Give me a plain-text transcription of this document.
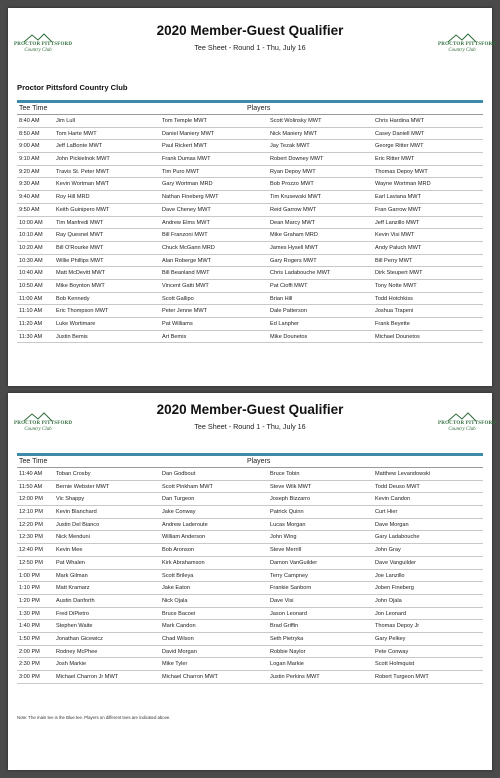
PROCTOR PITTSFORD
Country Club
PROCTOR PITTSFORD
Country Club
2020 Member-Guest Qualifier
Tee Sheet - Round 1 - Thu, July 16
Proctor Pittsford Country Club
Tee Time	Players
8:40 AM	Jim Lull	Tom Temple MWT	Scott Wolinsky MWT	Chris Hardina MWT
8:50 AM	Tom Harte MWT	Daniel Maniery MWT	Nick Maniery MWT	Casey Daniell MWT
9:00 AM	Jeff LaBonte MWT	Paul Rickert MWT	Jay Tezak MWT	George Ritter MWT
9:10 AM	John Pickielnok MWT	Frank Dumas MWT	Robert Downey MWT	Eric Ritter MWT
9:20 AM	Travis St. Peter MWT	Tim Puro MWT	Ryan Depoy MWT	Thomas Depoy MWT
9:30 AM	Kevin Wortman MWT	Gary Wortman MRD	Bob Prozzo MWT	Wayne Wortman MRD
9:40 AM	Roy Hill MRD	Nathan Fineberg MWT	Tim Krusewski MWT	Earl Laviana MWT
9:50 AM	Keith Guinipero MWT	Dave Cheney MWT	Reid Garrow MWT	Fran Garrow MWT
10:00 AM Tim Manfredi MWT	Andrew Elms MWT	Dean Marcy MWT	Jeff Lanzillo MWT
10:10 AM Ray Quesnel MWT	Bill Franzoni MWT	Mike Graham MRD	Kevin Visi MWT
10:20 AM Bill O'Rourke MWT	Chuck McGann MRD	James Hysell MWT	Andy Paluch MWT
10:30 AM Willie Phillips MWT	Alan Roberge MWT	Gary Rogers MWT	Bill Perry MWT
10:40 AM Matt McDevitt MWT	Bill Beanland MWT	Chris Ladabouche MWT	Dirk Steupert MWT
10:50 AM Mike Boynton MWT	Vincent Gatti MWT	Pat Cioffi MWT	Tony Notte MWT
11:00 AM Bob Kennedy	Scott Gallipo	Brian Hill	Todd Hotchkiss
11:10 AM Eric Thompson MWT	Peter Jenne MWT	Dale Patterson	Joshua Trapeni
11:20 AM Luke Wortimare	Pat Williams	Ed Lanpher	Frank Beyette
11:30 AM Justin Bemis	Art Bemis	Mike Dounetos	Michael Dounetos
PROCTOR PITTSFORD
Country Club
PROCTOR PITTSFORD
Country Club
2020 Member-Guest Qualifier
Tee Sheet - Round 1 - Thu, July 16
Tee Time	Players
11:40 AM Toban Crosby	Dan Godbout	Bruce Tobin	Matthew Levandowski
11:50 AM Bernie Webster MWT	Scott Pinkham MWT	Steve Wilk MWT	Todd Deuso MWT
12:00 PM Vic Shappy	Dan Turgeon	Joseph Bizzarro	Kevin Candon
12:10 PM Kevin Blanchard	Jake Conway	Patrick Quinn	Curt Hier
12:20 PM Justin Del Bianco	Andrew Laderoute	Lucas Morgan	Dave Morgan
12:30 PM Nick Menduni	William Anderson	John Wing	Gary Ladabouche
12:40 PM Kevin Mee	Bob Aronson	Steve Merrill	John Gray
12:50 PM Pat Whalen	Kirk Abrahamson	Damon VanGuilder	Dave Vanguilder
1:00 PM	Mark Gilman	Scott Brileya	Terry Campney	Joe Lanzillo
1:10 PM	Matt Kramarz	Jake Eaton	Frankie Sanborn	Joben Fineberg
1:20 PM	Austin Danforth	Nick Ojala	Dave Visi	John Ojala
1:30 PM	Fred DiPietro	Bruce Bacoei	Jason Leonard	Jon Leonard
1:40 PM	Stephen Waite	Mark Candon	Brad Griffin	Thomas Depoy Jr
1:50 PM	Jonathan Gicewicz	Chad Wilson	Seth Pietryka	Gary Pelkey
2:00 PM	Rodney McPhee	David Morgan	Robbie Naylor	Pete Conway
2:30 PM	Josh Markie	Mike Tyler	Logan Markie	Scott Holmquist
3:00 PM	Michael Charron Jr MWT	Michael Charron MWT	Justin Perkins MWT	Robert Turgeon MWT
Note: The main tee is the Blue tee. Players on different tees are indicated above.
